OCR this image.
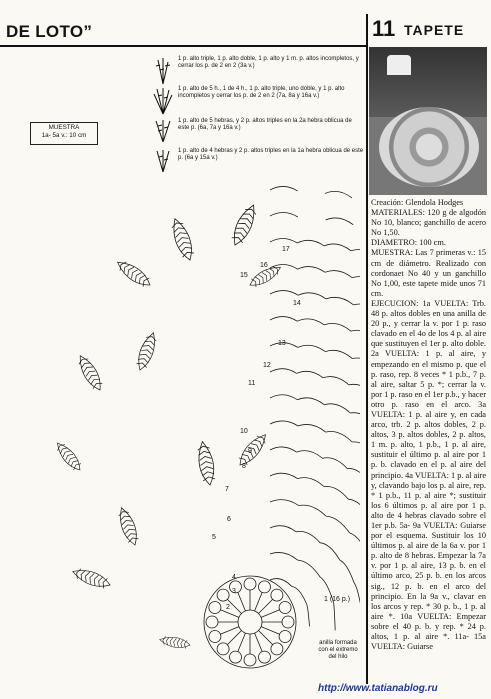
DE LOTO”	11 TAPETE
1 p. alto triple, 1 p. alto doble, 1 p. alto y 1 m. p. altos incompletos, y cerrar los p. de 2 en 2 (3a v.)
1 p. alto de 5 h., 1 de 4 h., 1 p. alto triple, uno doble, y 1 p. alto incompletos y cerrar los p. de 2 en 2 (7a, 8a y 16a v.)
1 p. alto de 5 hebras, y 2 p. altos triples en la 2a hebra oblicua de este p. (6a, 7a y 16a v.)
1 p. alto de 4 hebras y 2 p. altos triples en la 1a hebra oblicua de este p. (6a y 15a v.)
MUESTRA
1a- 5a v.: 10 cm
1 (16 p.)
anilla formada con el extremo del hilo
17
16
15
14
13
12
11
10
9
8
7
6
5
4
3
2

Creación: Glendola Hodges

MATERIALES: 120 g de algodón No 10, blanco; ganchillo de acero No 1,50.

DIAMETRO: 100 cm.

MUESTRA: Las 7 primeras v.: 15 cm de diámetro. Realizado con cordonaet No 40 y un ganchillo No 1,00, este tapete mide unos 71 cm.

EJECUCION: 1a VUELTA: Trb. 48 p. altos dobles en una anilla de 20 p., y cerrar la v. por 1 p. raso clavado en el 4o de los 4 p. al aire que sustituyen el 1er p. alto doble. 2a VUELTA: 1 p. al aire, y empezando en el mismo p. que el p. raso, rep. 8 veces * 1 p.b., 7 p. al aire, saltar 5 p. *; cerrar la v. por 1 p. raso en el 1er p.b., y hacer otro p. raso en el arco. 3a VUELTA: 1 p. al aire y, en cada arco, trb. 2 p. altos dobles, 2 p. altos, 3 p. altos dobles, 2 p. altos, 1 m. p. alto, 1 p.b., 1 p. al aire, sustituir el último p. al aire por 1 p. b. clavado en el p. al aire del principio. 4a VUELTA: 1 p. al aire y, clavando bajo los p. al aire, rep. * 1 p.b., 11 p. al aire *; sustituir los 6 últimos p. al aire por 1 p. alto de 4 hebras clavado sobre el 1er p.b. 5a- 9a VUELTA: Guiarse por el esquema. Sustituir los 10 últimos p. al aire de la 6a v. por 1 p. alto de 8 hebras. Empezar la 7a v. por 1 p. al aire, 13 p. b. en el último arco, 25 p. b. en los arcos sig., 12 p. b. en el arco del principio. En la 9a v., clavar en los arcos y rep. * 30 p. b., 1 p. al aire *. 10a VUELTA: Empezar sobre el 40 p. b. y rep. * 24 p. altos, 1 p. al aire *. 11a- 15a VUELTA: Guiarse

http://www.tatianablog.ru
